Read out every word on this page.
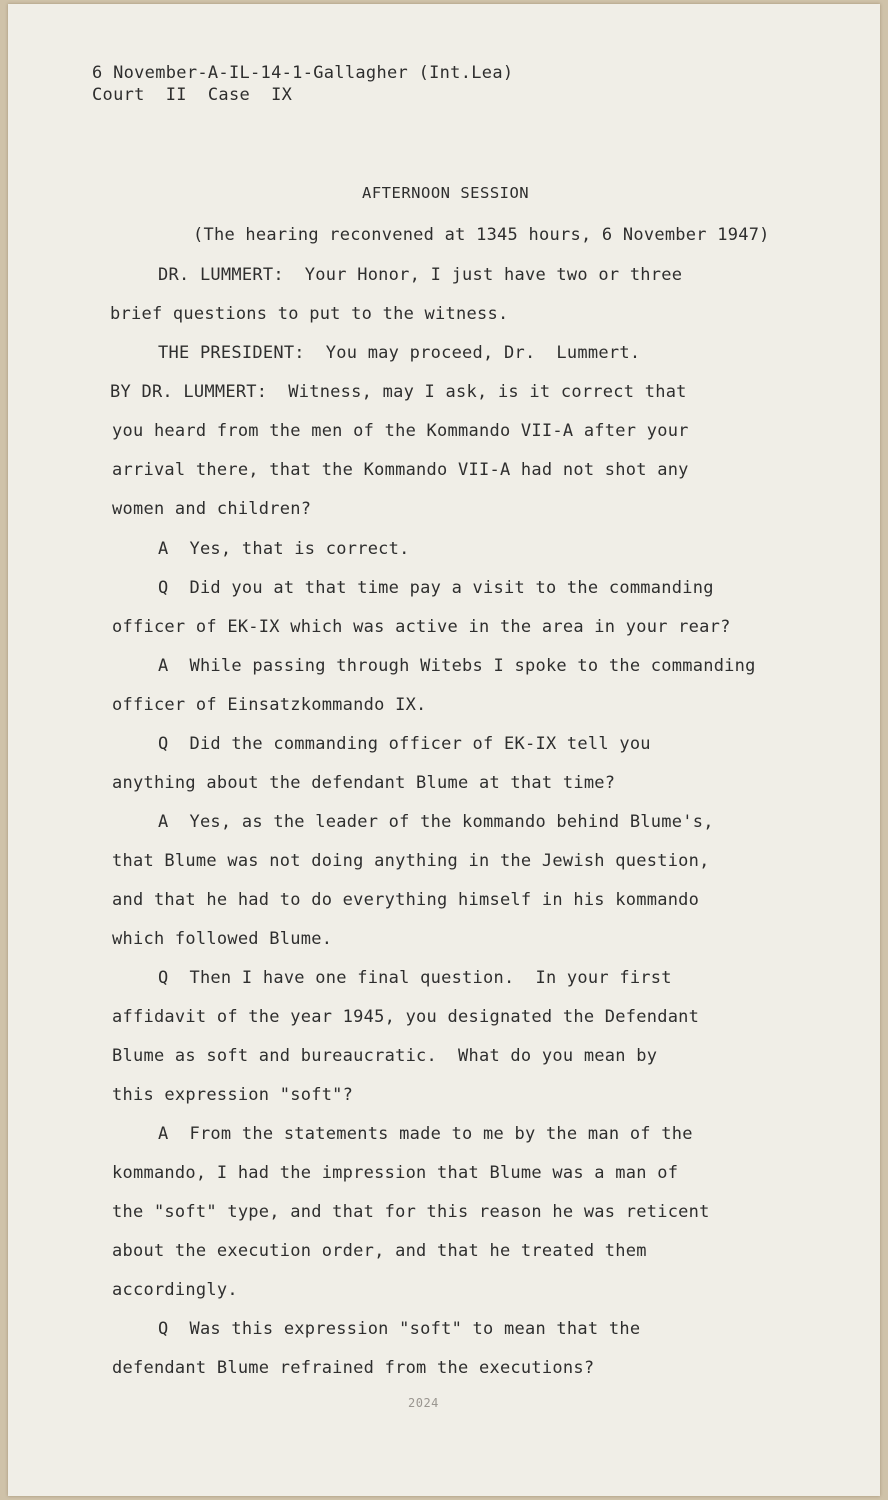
6 November-A-IL-14-1-Gallagher (Int.Lea)
Court  II  Case  IX
AFTERNOON SESSION
(The hearing reconvened at 1345 hours, 6 November 1947)
DR. LUMMERT:  Your Honor, I just have two or three
brief questions to put to the witness.
THE PRESIDENT:  You may proceed, Dr.  Lummert.
BY DR. LUMMERT:  Witness, may I ask, is it correct that
you heard from the men of the Kommando VII-A after your
arrival there, that the Kommando VII-A had not shot any
women and children?
A  Yes, that is correct.
Q  Did you at that time pay a visit to the commanding
officer of EK-IX which was active in the area in your rear?
A  While passing through Witebs I spoke to the commanding
officer of Einsatzkommando IX.
Q  Did the commanding officer of EK-IX tell you
anything about the defendant Blume at that time?
A  Yes, as the leader of the kommando behind Blume's,
that Blume was not doing anything in the Jewish question,
and that he had to do everything himself in his kommando
which followed Blume.
Q  Then I have one final question.  In your first
affidavit of the year 1945, you designated the Defendant
Blume as soft and bureaucratic.  What do you mean by
this expression "soft"?
A  From the statements made to me by the man of the
kommando, I had the impression that Blume was a man of
the "soft" type, and that for this reason he was reticent
about the execution order, and that he treated them
accordingly.
Q  Was this expression "soft" to mean that the
defendant Blume refrained from the executions?
2024
